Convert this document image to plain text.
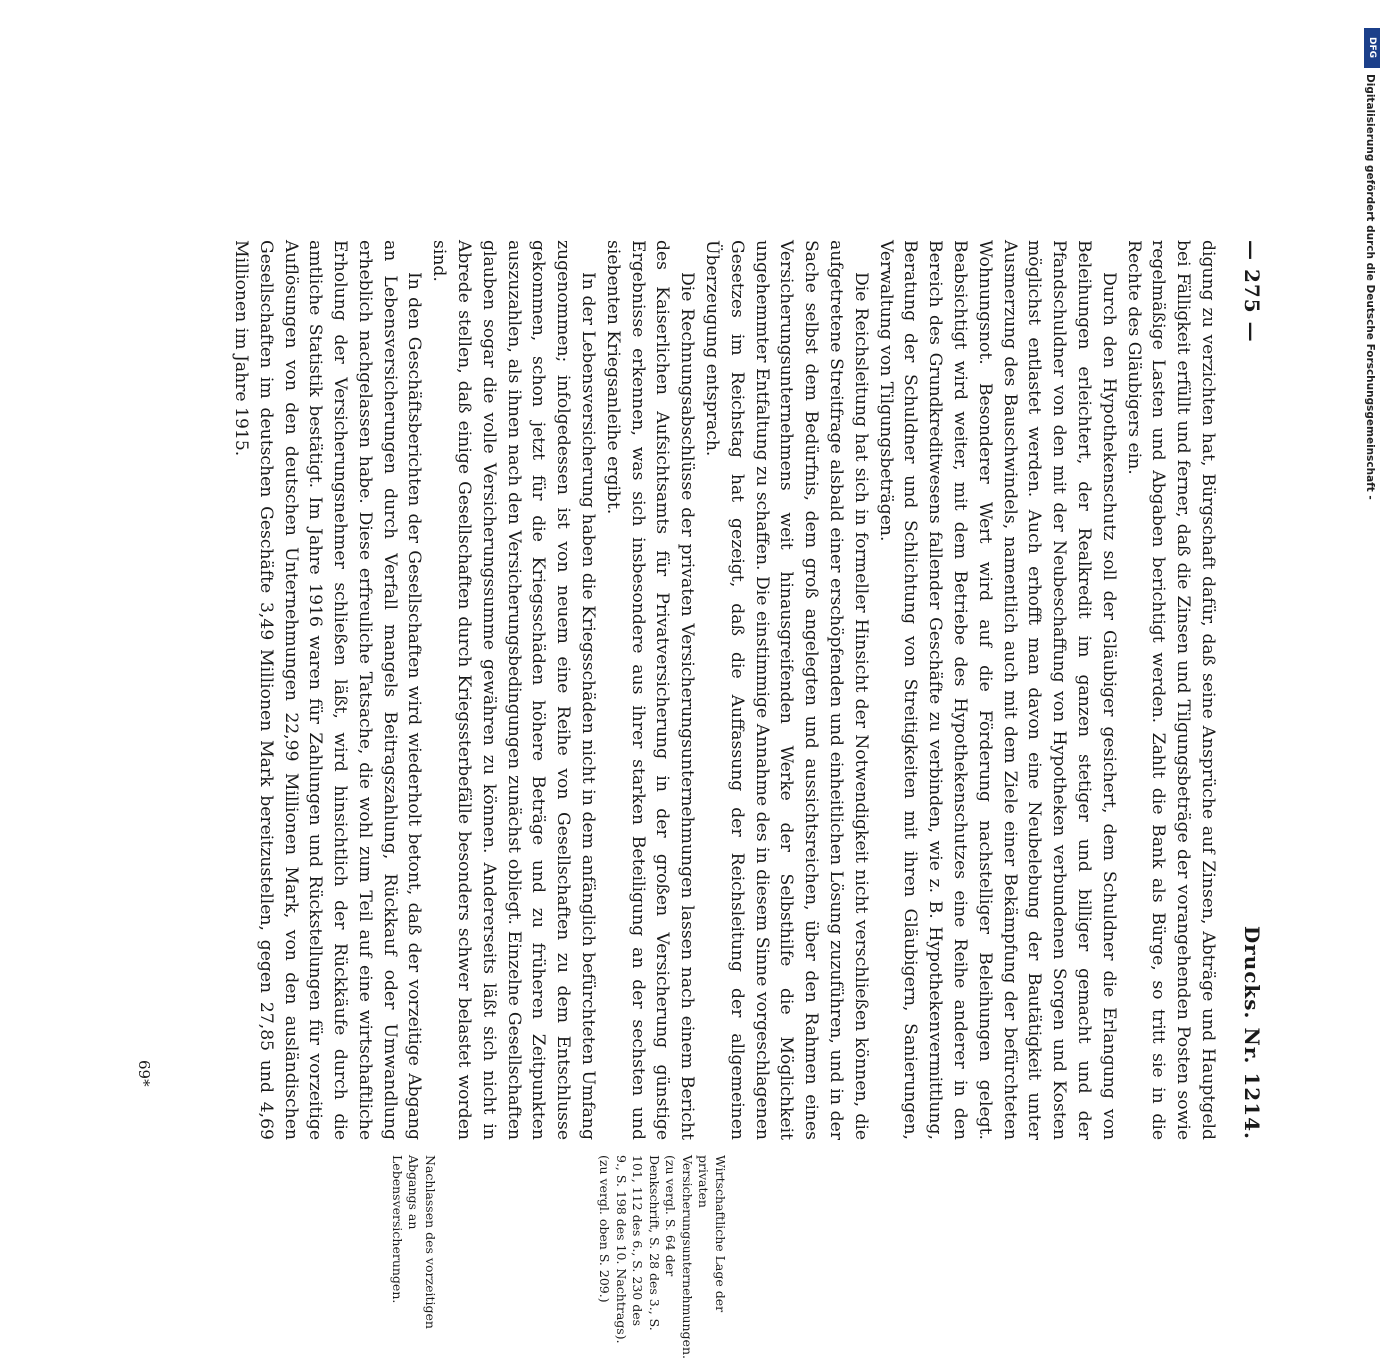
— 275 —
Drucks. Nr. 1214.

digung zu verzichten hat, Bürgschaft dafür, daß seine Ansprüche auf Zinsen, Abträge und Hauptgeld bei Fälligkeit erfüllt und ferner, daß die Zinsen und Tilgungsbeträge der vorangehenden Posten sowie regelmäßige Lasten und Abgaben berichtigt werden. Zahlt die Bank als Bürge, so tritt sie in die Rechte des Gläubigers ein.

Durch den Hypothekenschutz soll der Gläubiger gesichert, dem Schuldner die Erlangung von Beleihungen erleichtert, der Realkredit im ganzen stetiger und billiger gemacht und der Pfandschuldner von den mit der Neubeschaffung von Hypotheken verbundenen Sorgen und Kosten möglichst entlastet werden. Auch erhofft man davon eine Neubelebung der Bautätigkeit unter Ausmerzung des Bauschwindels, namentlich auch mit dem Ziele einer Bekämpfung der befürchteten Wohnungsnot. Besonderer Wert wird auf die Förderung nachstelliger Beleihungen gelegt. Beabsichtigt wird weiter, mit dem Betriebe des Hypothekenschutzes eine Reihe anderer in den Bereich des Grundkreditwesens fallender Geschäfte zu verbinden, wie z. B. Hypothekenvermittlung, Beratung der Schuldner und Schlichtung von Streitigkeiten mit ihren Gläubigern, Sanierungen, Verwaltung von Tilgungsbeträgen.

Die Reichsleitung hat sich in formeller Hinsicht der Notwendigkeit nicht verschließen können, die aufgetretene Streitfrage alsbald einer erschöpfenden und einheitlichen Lösung zuzuführen, und in der Sache selbst dem Bedürfnis, dem groß angelegten und aussichtsreichen, über den Rahmen eines Versicherungsunternehmens weit hinausgreifenden Werke der Selbsthilfe die Möglichkeit ungehemmter Entfaltung zu schaffen. Die einstimmige Annahme des in diesem Sinne vorgeschlagenen Gesetzes im Reichstag hat gezeigt, daß die Auffassung der Reichsleitung der allgemeinen Überzeugung entsprach.

Die Rechnungsabschlüsse der privaten Versicherungsunternehmungen lassen nach einem Bericht des Kaiserlichen Aufsichtsamts für Privatversicherung in der großen Versicherung günstige Ergebnisse erkennen, was sich insbesondere aus ihrer starken Beteiligung an der sechsten und siebenten Kriegsanleihe ergibt.

In der Lebensversicherung haben die Kriegsschäden nicht in dem anfänglich befürchteten Umfang zugenommen; infolgedessen ist von neuem eine Reihe von Gesellschaften zu dem Entschlusse gekommen, schon jetzt für die Kriegsschäden höhere Beträge und zu früheren Zeitpunkten auszuzahlen, als ihnen nach den Versicherungsbedingungen zunächst obliegt. Einzelne Gesellschaften glauben sogar die volle Versicherungssumme gewähren zu können. Andererseits läßt sich nicht in Abrede stellen, daß einige Gesellschaften durch Kriegssterbefälle besonders schwer belastet worden sind.

In den Geschäftsberichten der Gesellschaften wird wiederholt betont, daß der vorzeitige Abgang an Lebensversicherungen durch Verfall mangels Beitragszahlung, Rückkauf oder Umwandlung erheblich nachgelassen habe. Diese erfreuliche Tatsache, die wohl zum Teil auf eine wirtschaftliche Erholung der Versicherungsnehmer schließen läßt, wird hinsichtlich der Rückkäufe durch die amtliche Statistik bestätigt. Im Jahre 1916 waren für Zahlungen und Rückstellungen für vorzeitige Auflösungen von den deutschen Unternehmungen 22,99 Millionen Mark, von den ausländischen Gesellschaften im deutschen Geschäfte 3,49 Millionen Mark bereitzustellen, gegen 27,85 und 4,69 Millionen im Jahre 1915.

Wirtschaftliche Lage der privaten Versicherungsunternehmungen.
(zu vergl. S. 64 der Denkschrift, S. 28 des 3., S. 101, 112 des 6., S. 230 des 9., S. 198 des 10. Nachtrags). (zu vergl. oben S. 209.)
Nachlassen des vorzeitigen Abgangs an Lebensversicherungen.
69*
DFG
Digitalisierung gefördert durch die Deutsche Forschungsgemeinschaft -
